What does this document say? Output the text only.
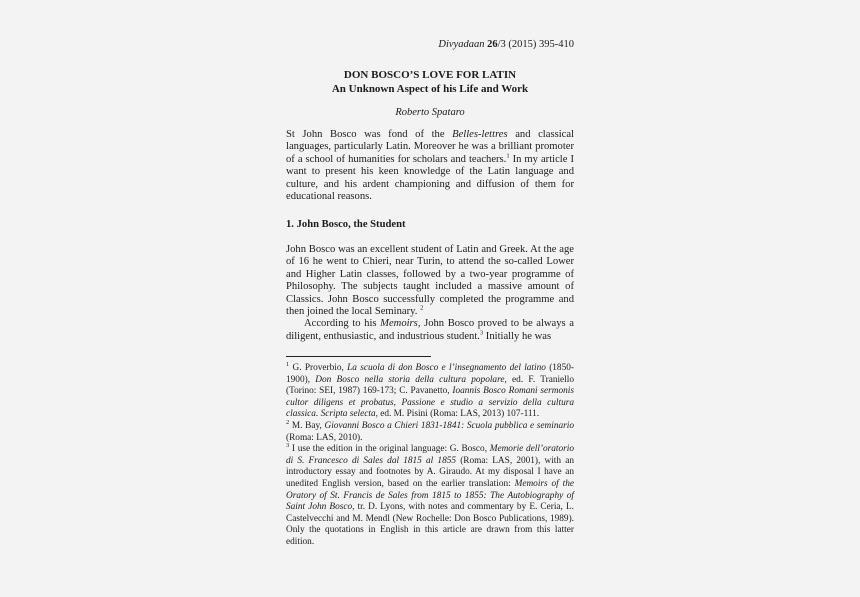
Divyadaan 26/3 (2015) 395-410
DON BOSCO’S LOVE FOR LATIN
An Unknown Aspect of his Life and Work
Roberto Spataro

St John Bosco was fond of the Belles-lettres and classical languages, particularly Latin. Moreover he was a brilliant promoter of a school of humanities for scholars and teachers.$^1$ In my article I want to present his keen knowledge of the Latin language and culture, and his ardent championing and diffusion of them for educational reasons.

1. John Bosco, the Student

John Bosco was an excellent student of Latin and Greek. At the age of 16 he went to Chieri, near Turin, to attend the so-called Lower and Higher Latin classes, followed by a two-year programme of Philosophy. The subjects taught included a massive amount of Classics. John Bosco successfully completed the programme and then joined the local Seminary. $^2$

According to his Memoirs, John Bosco proved to be always a diligent, enthusiastic, and industrious student.$^3$ Initially he was

$^1$ G. Proverbio, La scuola di don Bosco e l’insegnamento del latino (1850-1900), Don Bosco nella storia della cultura popolare, ed. F. Traniello (Torino: SEI, 1987) 169-173; C. Pavanetto, Ioannis Bosco Romani sermonis cultor diligens et probatus, Passione e studio a servizio della cultura classica. Scripta selecta, ed. M. Pisini (Roma: LAS, 2013) 107-111.

$^2$ M. Bay, Giovanni Bosco a Chieri 1831-1841: Scuola pubblica e seminario (Roma: LAS, 2010).

$^3$ I use the edition in the original language: G. Bosco, Memorie dell’oratorio di S. Francesco di Sales dal 1815 al 1855 (Roma: LAS, 2001), with an introductory essay and footnotes by A. Giraudo. At my disposal I have an unedited English version, based on the earlier translation: Memoirs of the Oratory of St. Francis de Sales from 1815 to 1855: The Autobiography of Saint John Bosco, tr. D. Lyons, with notes and commentary by E. Ceria, L. Castelvecchi and M. Mendl (New Rochelle: Don Bosco Publications, 1989). Only the quotations in English in this article are drawn from this latter edition.
